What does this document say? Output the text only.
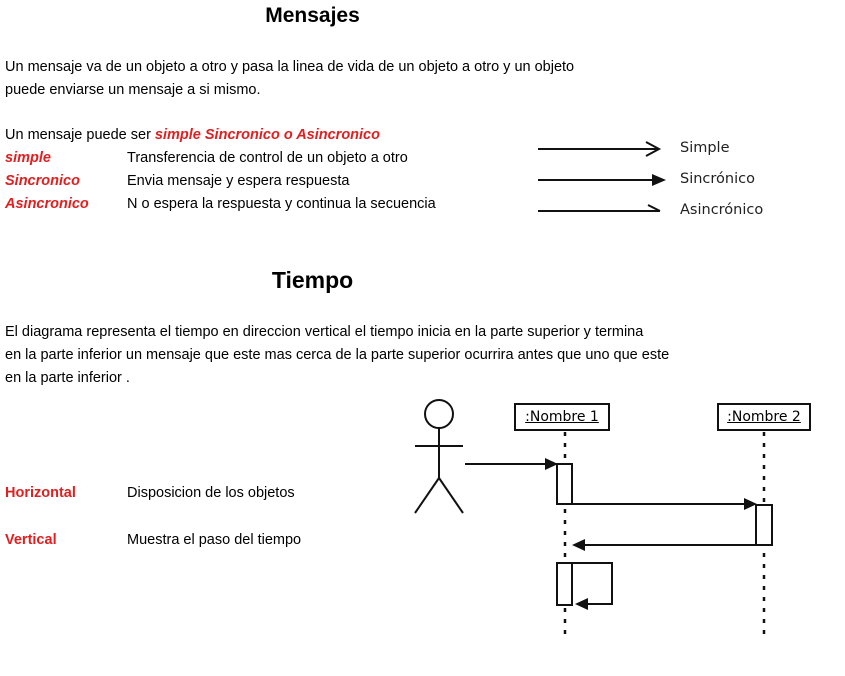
Mensajes
Un mensaje va de un objeto a otro y pasa la linea de vida de un objeto a otro y un objeto
puede enviarse un mensaje a si mismo.
Un mensaje puede ser simple Sincronico o Asincronico
simple	Transferencia de control de un objeto a otro
Sincronico	Envia mensaje y espera respuesta
Asincronico	N o espera la respuesta y continua la secuencia
Simple
Sincrónico
Asincrónico
Tiempo
El diagrama representa el tiempo en direccion vertical el tiempo inicia en la parte superior y termina
en la parte inferior un mensaje que este mas cerca de la parte superior ocurrira antes que uno que este
en la parte inferior .
Horizontal	Disposicion de los objetos
Vertical	Muestra el paso del tiempo
:Nombre 1	:Nombre 2
